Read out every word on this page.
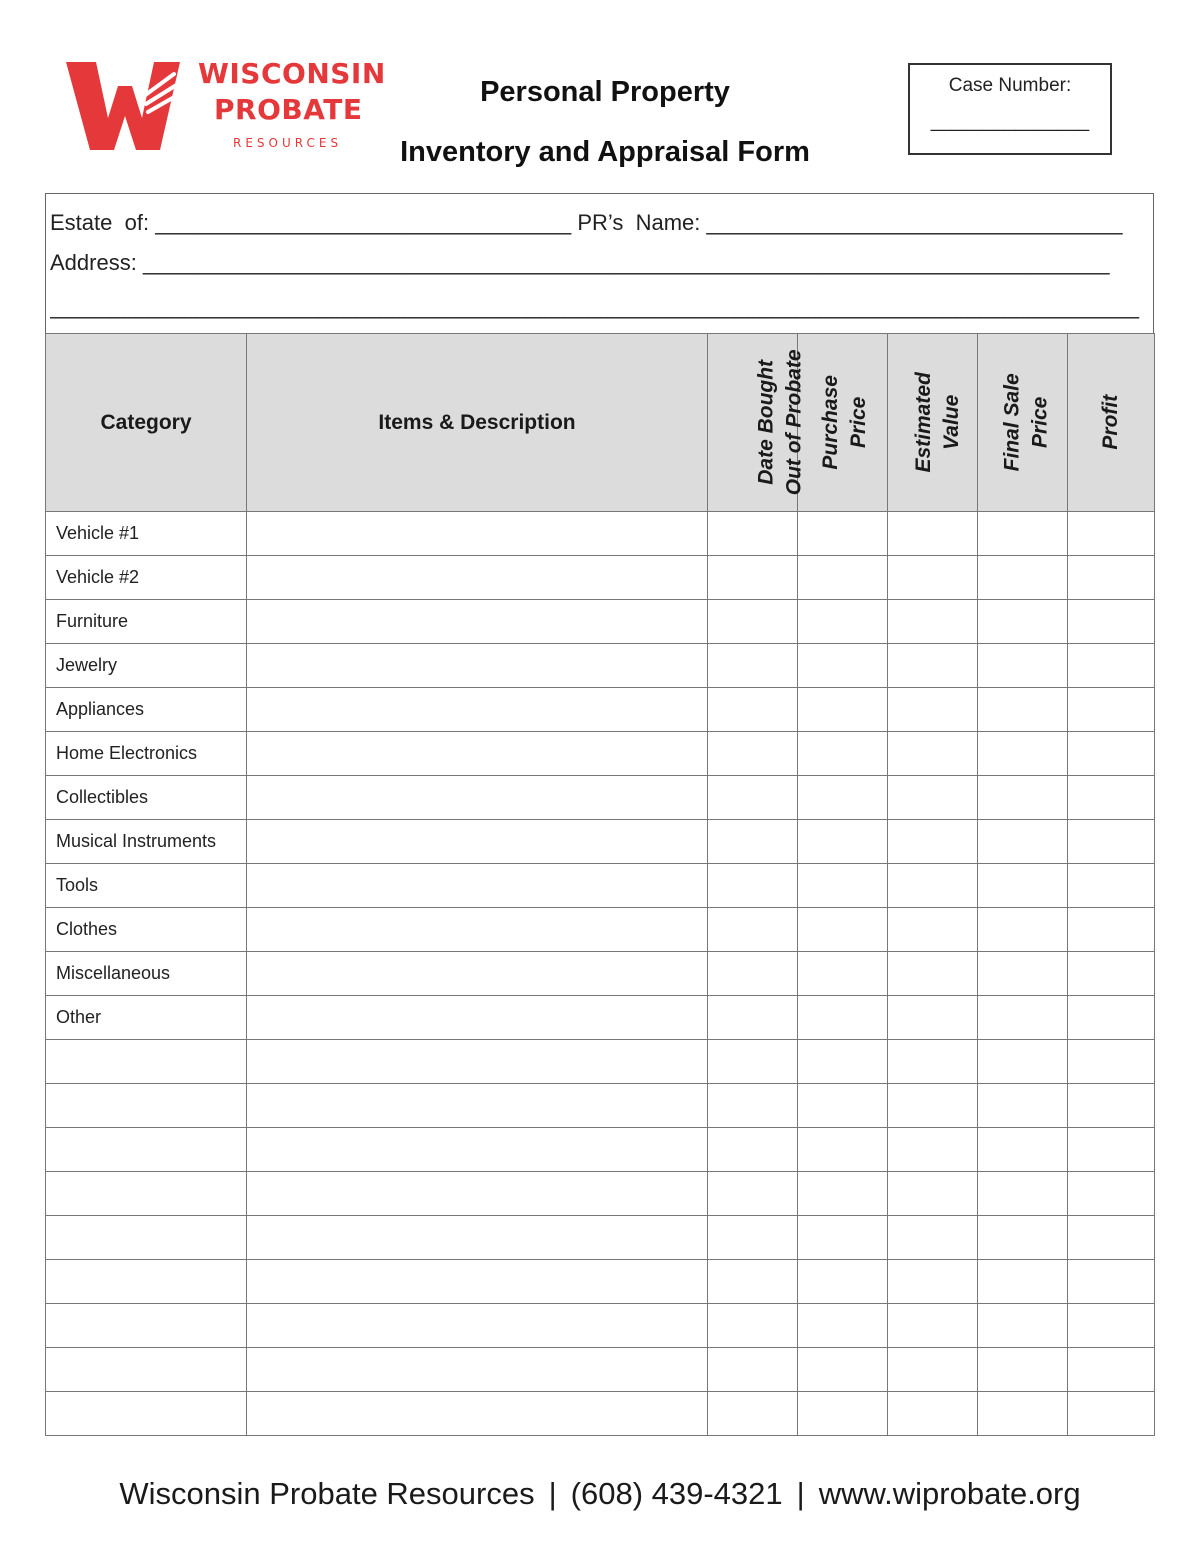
WISCONSIN
PROBATE
RESOURCES
Personal Property
Inventory and Appraisal Form
Case Number:
_______________
Estate  of: __________________________________ PR’s  Name: __________________________________
Address: _______________________________________________________________________________
_________________________________________________________________________________________
Category	Items & Description	Date Bought Out of Probate	Purchase Price	Estimated Value	Final Sale Price	Profit
Vehicle #1						
Vehicle #2						
Furniture						
Jewelry						
Appliances						
Home Electronics						
Collectibles						
Musical Instruments						
Tools						
Clothes						
Miscellaneous						
Other						

Wisconsin Probate Resources | (608) 439-4321 | www.wiprobate.org
